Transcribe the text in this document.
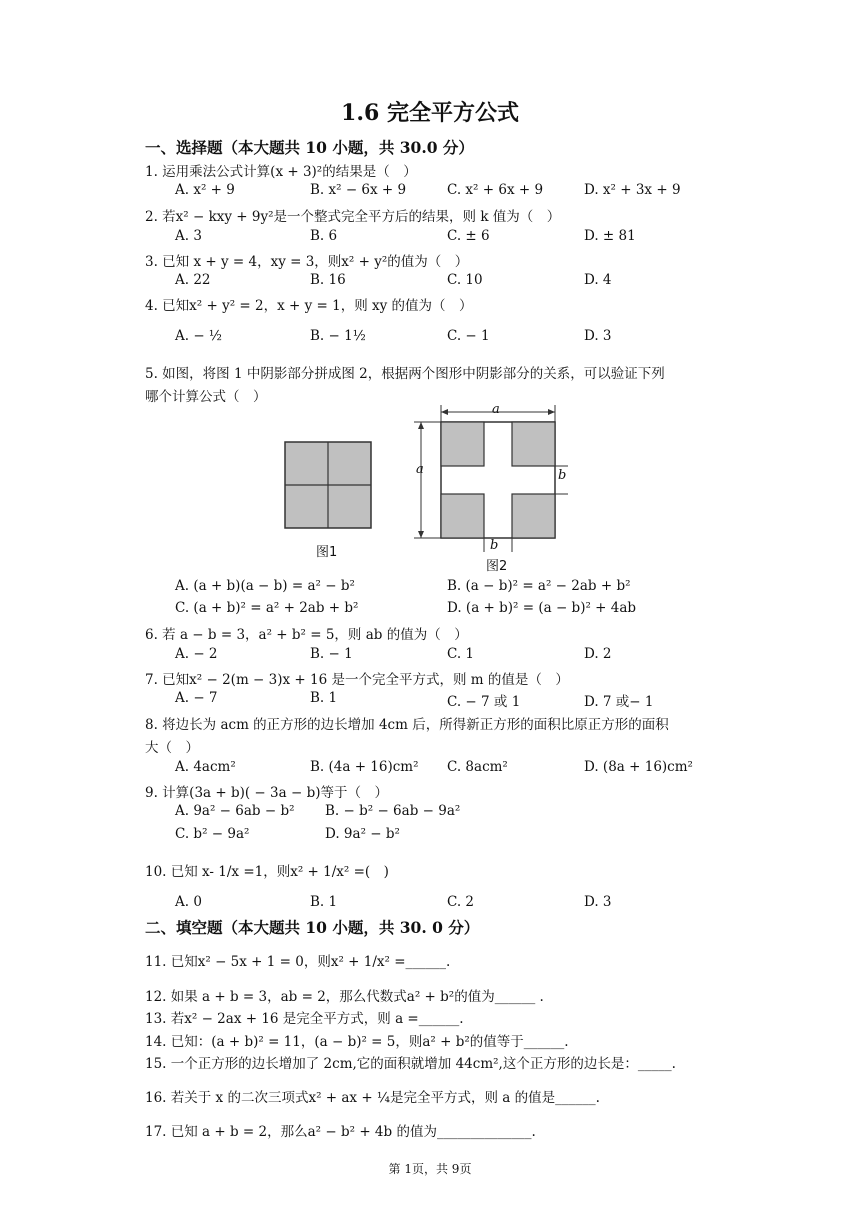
1.6 完全平方公式
一、选择题（本大题共 10 小题，共 30.0 分）
1. 运用乘法公式计算(x + 3)²的结果是（　）
A. x² + 9	B. x² − 6x + 9	C. x² + 6x + 9	D. x² + 3x + 9
2. 若x² − kxy + 9y²是一个整式完全平方后的结果，则 k 值为（　）
A. 3	B. 6	C. ± 6	D. ± 81
3. 已知 x + y = 4，xy = 3，则x² + y²的值为（　）
A. 22	B. 16	C. 10	D. 4
4. 已知x² + y² = 2，x + y = 1，则 xy 的值为（　）
A. − ½	B. − 1½	C. − 1	D. 3
5. 如图，将图 1 中阴影部分拼成图 2，根据两个图形中阴影部分的关系，可以验证下列
哪个计算公式（　）
图1
a
a	b
b
图2
A. (a + b)(a − b) = a² − b²	B. (a − b)² = a² − 2ab + b²
C. (a + b)² = a² + 2ab + b²	D. (a + b)² = (a − b)² + 4ab
6. 若 a − b = 3，a² + b² = 5，则 ab 的值为（　）
A. − 2	B. − 1	C. 1	D. 2
7. 已知x² − 2(m − 3)x + 16 是一个完全平方式，则 m 的值是（　）
A. − 7	B. 1	C. − 7 或 1	D. 7 或− 1
8. 将边长为 acm 的正方形的边长增加 4cm 后，所得新正方形的面积比原正方形的面积
大（　）
A. 4acm²	B. (4a + 16)cm² C. 8acm²	D. (8a + 16)cm²
9. 计算(3a + b)( − 3a − b)等于（　）
A. 9a² − 6ab − b² B. − b² − 6ab − 9a²
C. b² − 9a²	D. 9a² − b²
10. 已知 x- 1/x =1，则x² + 1/x² =(　)
A. 0	B. 1	C. 2	D. 3
二、填空题（本大题共 10 小题，共 30. 0 分）
11. 已知x² − 5x + 1 = 0，则x² + 1/x² =______.
12. 如果 a + b = 3，ab = 2，那么代数式a² + b²的值为______ .
13. 若x² − 2ax + 16 是完全平方式，则 a =______.
14. 已知：(a + b)² = 11，(a − b)² = 5，则a² + b²的值等于______.
15. 一个正方形的边长增加了 2cm,它的面积就增加 44cm²,这个正方形的边长是：_____.
16. 若关于 x 的二次三项式x² + ax + ¼是完全平方式，则 a 的值是______.
17. 已知 a + b = 2，那么a² − b² + 4b 的值为______________.
第 1页，共 9页
